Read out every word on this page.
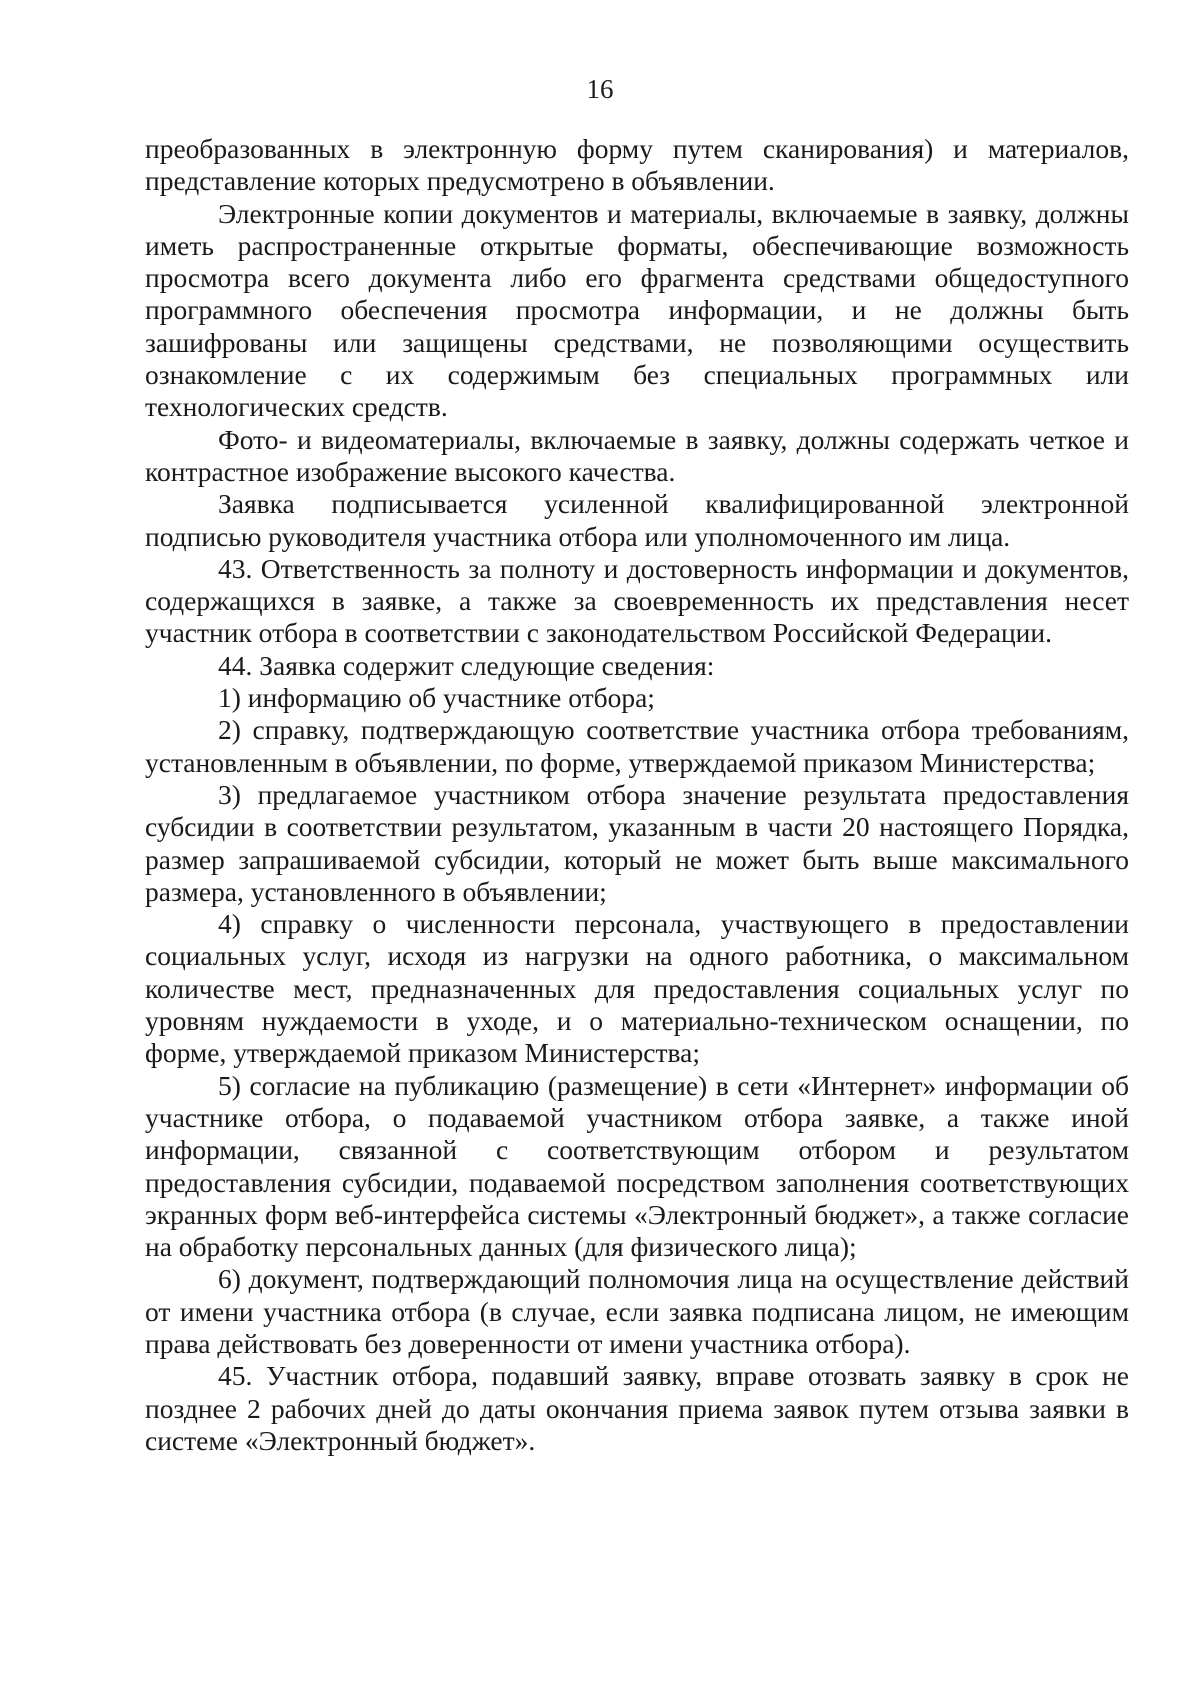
16

преобразованных в электронную форму путем сканирования) и материалов, представление которых предусмотрено в объявлении.

Электронные копии документов и материалы, включаемые в заявку, должны иметь распространенные открытые форматы, обеспечивающие возможность просмотра всего документа либо его фрагмента средствами общедоступного программного обеспечения просмотра информации, и не должны быть зашифрованы или защищены средствами, не позволяющими осуществить ознакомление с их содержимым без специальных программных или технологических средств.

Фото- и видеоматериалы, включаемые в заявку, должны содержать четкое и контрастное изображение высокого качества.

Заявка подписывается усиленной квалифицированной электронной подписью руководителя участника отбора или уполномоченного им лица.

43. Ответственность за полноту и достоверность информации и документов, содержащихся в заявке, а также за своевременность их представления несет участник отбора в соответствии с законодательством Российской Федерации.

44. Заявка содержит следующие сведения:

1) информацию об участнике отбора;

2) справку, подтверждающую соответствие участника отбора требованиям, установленным в объявлении, по форме, утверждаемой приказом Министерства;

3) предлагаемое участником отбора значение результата предоставления субсидии в соответствии результатом, указанным в части 20 настоящего Порядка, размер запрашиваемой субсидии, который не может быть выше максимального размера, установленного в объявлении;

4) справку о численности персонала, участвующего в предоставлении социальных услуг, исходя из нагрузки на одного работника, о максимальном количестве мест, предназначенных для предоставления социальных услуг по уровням нуждаемости в уходе, и о материально-техническом оснащении, по форме, утверждаемой приказом Министерства;

5) согласие на публикацию (размещение) в сети «Интернет» информации об участнике отбора, о подаваемой участником отбора заявке, а также иной информации, связанной с соответствующим отбором и результатом предоставления субсидии, подаваемой посредством заполнения соответствующих экранных форм веб-интерфейса системы «Электронный бюджет», а также согласие на обработку персональных данных (для физического лица);

6) документ, подтверждающий полномочия лица на осуществление действий от имени участника отбора (в случае, если заявка подписана лицом, не имеющим права действовать без доверенности от имени участника отбора).

45. Участник отбора, подавший заявку, вправе отозвать заявку в срок не позднее 2 рабочих дней до даты окончания приема заявок путем отзыва заявки в системе «Электронный бюджет».
